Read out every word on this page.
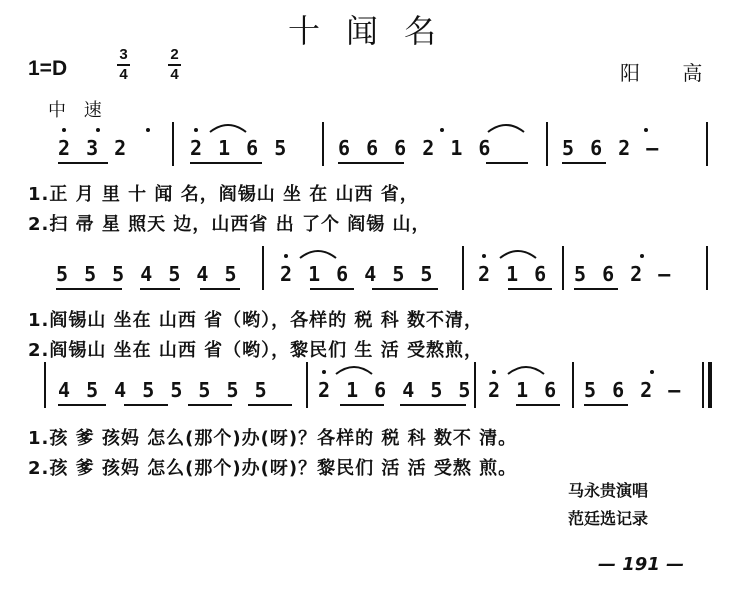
十闻名
1=D
3
4
2
4	阳 高
中 速
2 3 2	2 1 6 5 6 6 6 2 1 6	5 6 2 —
1.正 月 里 十 闻 名，阎锡山 坐 在 山西 省，
2.扫 帚 星 照天 边，山西省 出 了个 阎锡 山，
5 5 5 4 5 4 5 2 1 6 4 5 5 2 1 6 5 6 2 —
1.阎锡山 坐在 山西 省（哟），各样的 税 科 数不清，
2.阎锡山 坐在 山西 省（哟），黎民们 生 活 受熬煎，
4 5 4 5 5 5 5 5 2 1 6 4 5 5 2 1 6 5 6 2 —
1.孩 爹 孩妈 怎么(那个)办(呀)？各样的 税 科 数不 清。
2.孩 爹 孩妈 怎么(那个)办(呀)？黎民们 活 活 受熬 煎。
马永贵演唱
范廷选记录
— 191 —
